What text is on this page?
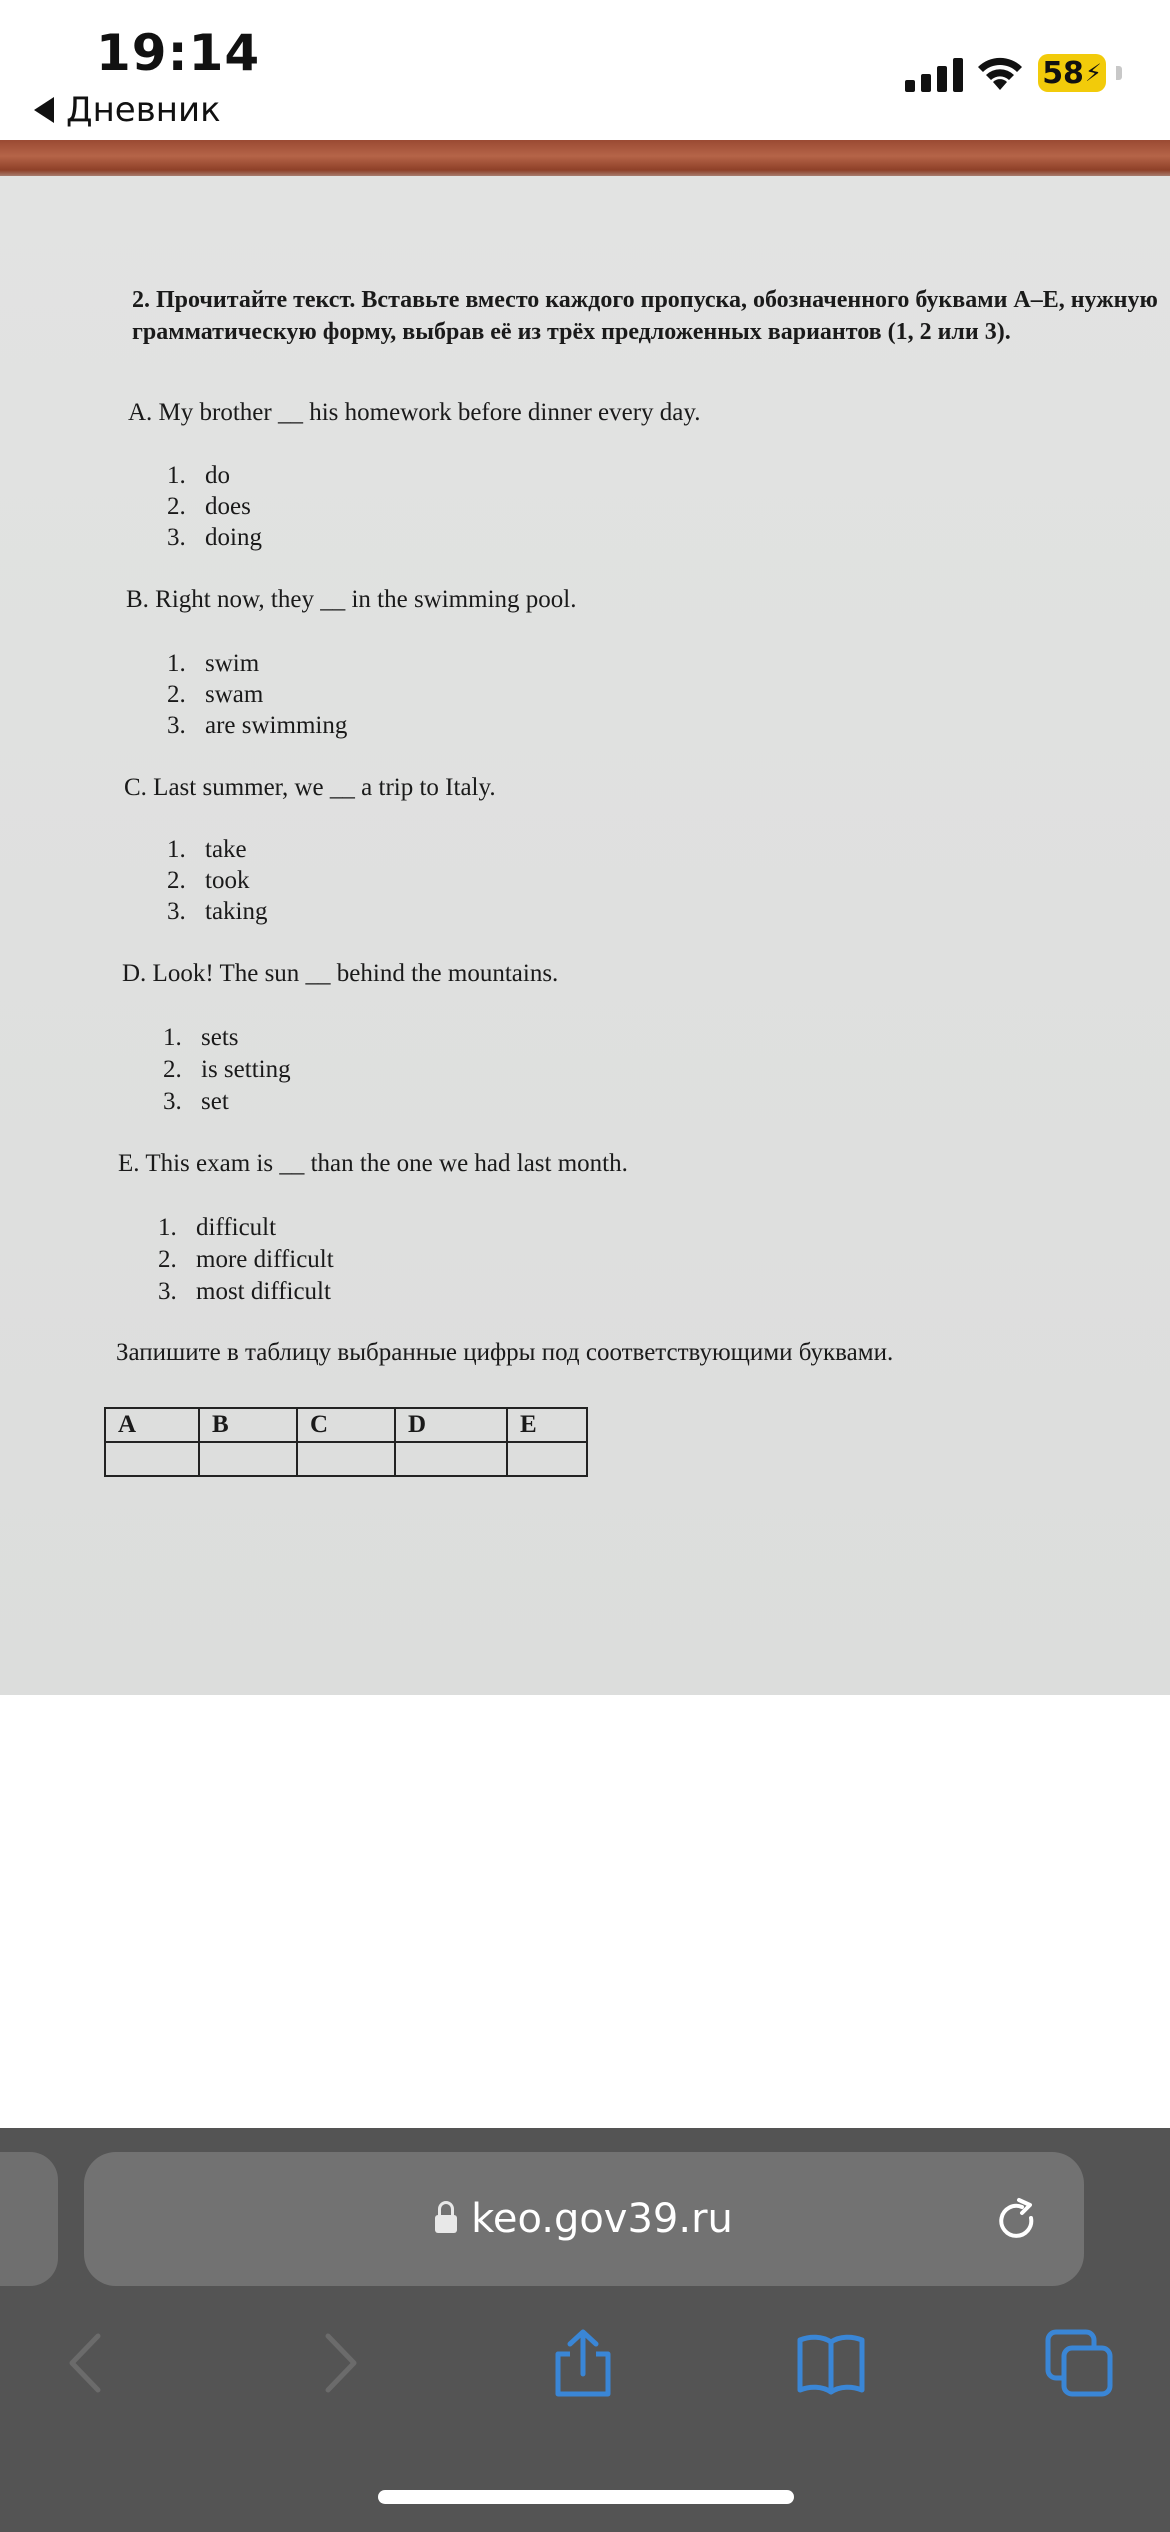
19:14
Дневник
58 ⚡
2. Прочитайте текст. Вставьте вместо каждого пропуска, обозначенного буквами А–Е, нужную грамматическую форму, выбрав её из трёх предложенных вариантов (1, 2 или 3).
A. My brother __ his homework before dinner every day.
1. do
2. does
3. doing
B. Right now, they __ in the swimming pool.
1. swim
2. swam
3. are swimming
C. Last summer, we __ a trip to Italy.
1. take
2. took
3. taking
D. Look! The sun __ behind the mountains.
1. sets
2. is setting
3. set
E. This exam is __ than the one we had last month.
1. difficult
2. more difficult
3. most difficult
Запишите в таблицу выбранные цифры под соответствующими буквами.
A	B	C	D	E

keo.gov39.ru
